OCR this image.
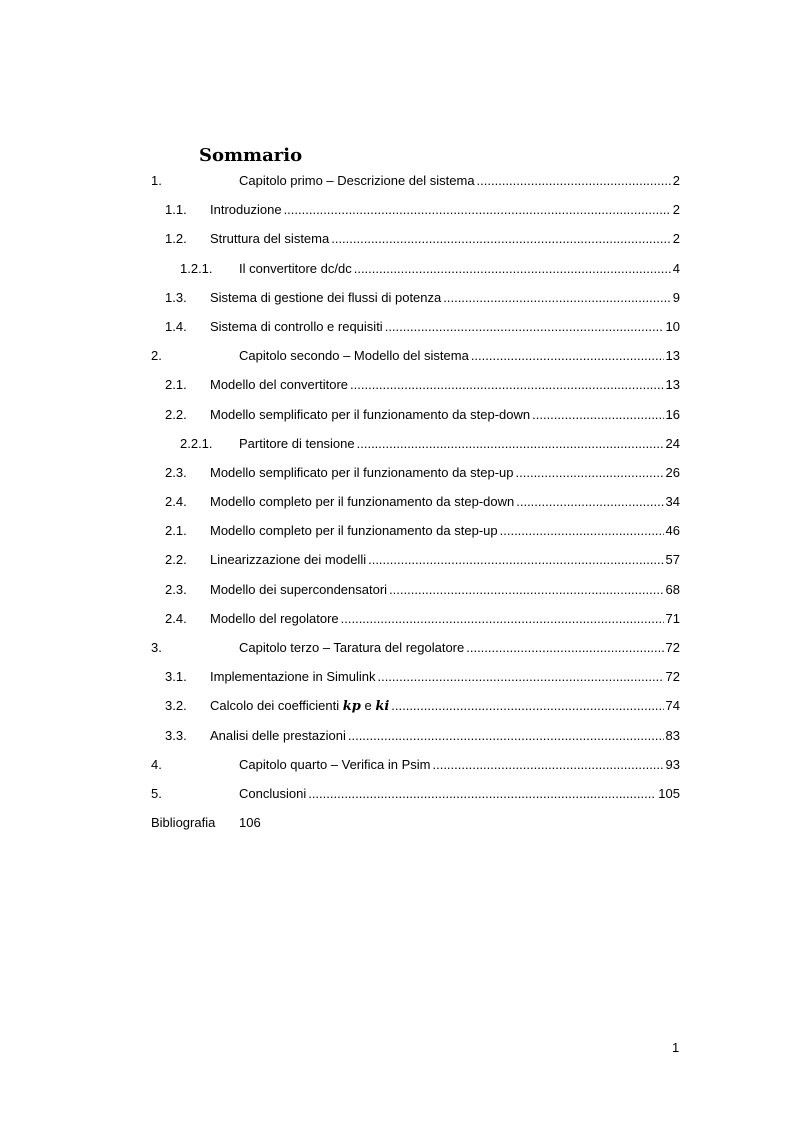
Sommario
1.	Capitolo primo – Descrizione del sistema .....	2
1.1. Introduzione .....	2
1.2. Struttura del sistema .....	2
1.2.1. Il convertitore dc/dc .....	4
1.3. Sistema di gestione dei flussi di potenza .....	9
1.4. Sistema di controllo e requisiti .....	10
2.	Capitolo secondo – Modello del sistema .....	13
2.1. Modello del convertitore .....	13
2.2. Modello semplificato per il funzionamento da step-down .....	16
2.2.1. Partitore di tensione .....	24
2.3. Modello semplificato per il funzionamento da step-up .....	26
2.4. Modello completo per il funzionamento da step-down .....	34
2.1. Modello completo per il funzionamento da step-up .....	46
2.2. Linearizzazione dei modelli .....	57
2.3. Modello dei supercondensatori .....	68
2.4. Modello del regolatore .....	71
3.	Capitolo terzo – Taratura del regolatore .....	72
3.1. Implementazione in Simulink .....	72
3.2. Calcolo dei coefficienti kp e ki .....	74
3.3. Analisi delle prestazioni .....	83
4.	Capitolo quarto – Verifica in Psim .....	93
5.	Conclusioni .....	105
Bibliografia 106
1
